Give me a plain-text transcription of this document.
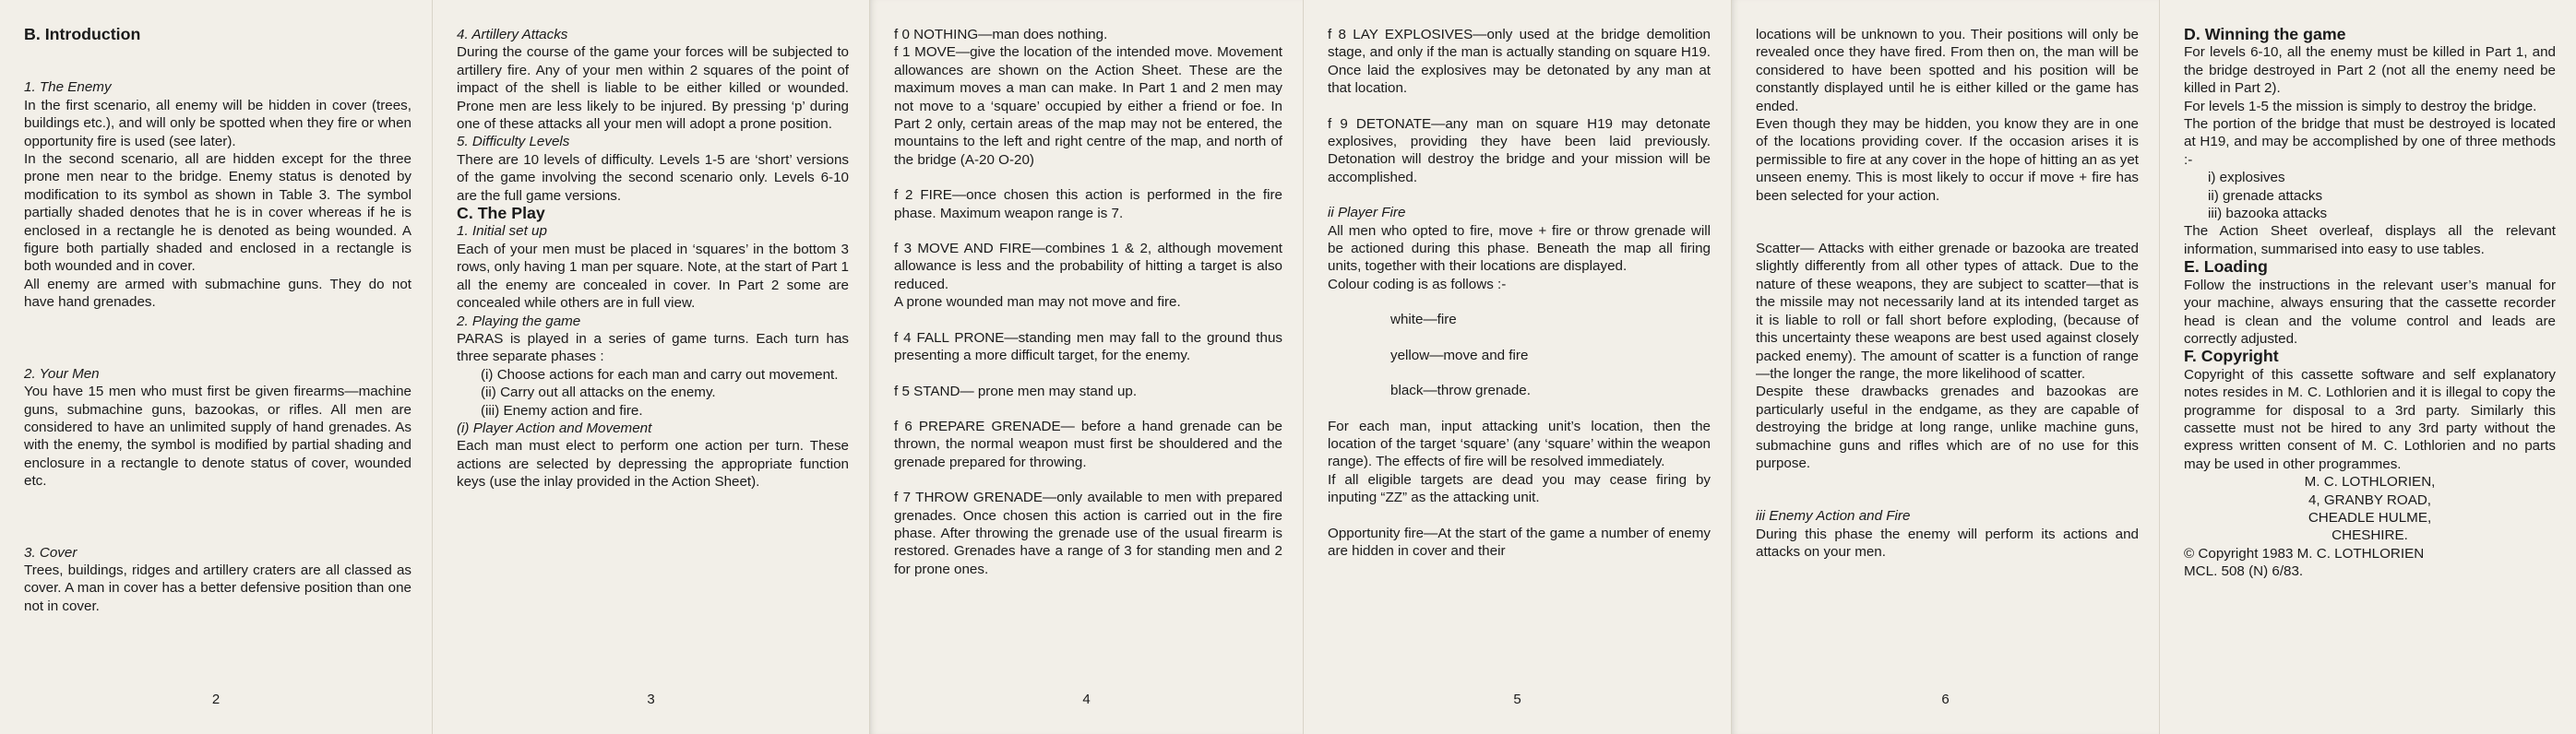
B. Introduction

1. The Enemy

In the first scenario, all enemy will be hidden in cover (trees, buildings etc.), and will only be spotted when they fire or when opportunity fire is used (see later).

In the second scenario, all are hidden except for the three prone men near to the bridge. Enemy status is denoted by modification to its symbol as shown in Table 3. The symbol partially shaded denotes that he is in cover whereas if he is enclosed in a rectangle he is denoted as being wounded. A figure both partially shaded and enclosed in a rectangle is both wounded and in cover.

All enemy are armed with submachine guns. They do not have hand grenades.

2. Your Men

You have 15 men who must first be given firearms—machine guns, submachine guns, bazookas, or rifles. All men are considered to have an unlimited supply of hand grenades. As with the enemy, the symbol is modified by partial shading and enclosure in a rectangle to denote status of cover, wounded etc.

3. Cover

Trees, buildings, ridges and artillery craters are all classed as cover. A man in cover has a better defensive position than one not in cover.

2

4. Artillery Attacks

During the course of the game your forces will be subjected to artillery fire. Any of your men within 2 squares of the point of impact of the shell is liable to be either killed or wounded. Prone men are less likely to be injured. By pressing ‘p’ during one of these attacks all your men will adopt a prone position.

5. Difficulty Levels

There are 10 levels of difficulty. Levels 1-5 are ‘short’ versions of the game involving the second scenario only. Levels 6-10 are the full game versions.

C. The Play

1. Initial set up

Each of your men must be placed in ‘squares’ in the bottom 3 rows, only having 1 man per square. Note, at the start of Part 1 all the enemy are concealed in cover. In Part 2 some are concealed while others are in full view.

2. Playing the game

PARAS is played in a series of game turns. Each turn has three separate phases :

(i) Choose actions for each man and carry out movement.

(ii) Carry out all attacks on the enemy.

(iii) Enemy action and fire.

(i) Player Action and Movement

Each man must elect to perform one action per turn. These actions are selected by depressing the appropriate function keys (use the inlay provided in the Action Sheet).

3

f 0 NOTHING—man does nothing.

f 1 MOVE—give the location of the intended move. Movement allowances are shown on the Action Sheet. These are the maximum moves a man can make. In Part 1 and 2 men may not move to a ‘square’ occupied by either a friend or foe. In Part 2 only, certain areas of the map may not be entered, the mountains to the left and right centre of the map, and north of the bridge (A-20 O-20)

f 2 FIRE—once chosen this action is performed in the fire phase. Maximum weapon range is 7.

f 3 MOVE AND FIRE—combines 1 & 2, although movement allowance is less and the probability of hitting a target is also reduced.

A prone wounded man may not move and fire.

f 4 FALL PRONE—standing men may fall to the ground thus presenting a more difficult target, for the enemy.

f 5 STAND— prone men may stand up.

f 6 PREPARE GRENADE— before a hand grenade can be thrown, the normal weapon must first be shouldered and the grenade prepared for throwing.

f 7 THROW GRENADE—only available to men with prepared grenades. Once chosen this action is carried out in the fire phase. After throwing the grenade use of the usual firearm is restored. Grenades have a range of 3 for standing men and 2 for prone ones.

4

f 8 LAY EXPLOSIVES—only used at the bridge demolition stage, and only if the man is actually standing on square H19. Once laid the explosives may be detonated by any man at that location.

f 9 DETONATE—any man on square H19 may detonate explosives, providing they have been laid previously. Detonation will destroy the bridge and your mission will be accomplished.

ii Player Fire

All men who opted to fire, move + fire or throw grenade will be actioned during this phase. Beneath the map all firing units, together with their locations are displayed.

Colour coding is as follows :-

white—fire

yellow—move and fire

black—throw grenade.

For each man, input attacking unit’s location, then the location of the target ‘square’ (any ‘square’ within the weapon range). The effects of fire will be resolved immediately.

If all eligible targets are dead you may cease firing by inputing “ZZ” as the attacking unit.

Opportunity fire—At the start of the game a number of enemy are hidden in cover and their

5

locations will be unknown to you. Their positions will only be revealed once they have fired. From then on, the man will be considered to have been spotted and his position will be constantly displayed until he is either killed or the game has ended.

Even though they may be hidden, you know they are in one of the locations providing cover. If the occasion arises it is permissible to fire at any cover in the hope of hitting an as yet unseen enemy. This is most likely to occur if move + fire has been selected for your action.

Scatter— Attacks with either grenade or bazooka are treated slightly differently from all other types of attack. Due to the nature of these weapons, they are subject to scatter—that is the missile may not necessarily land at its intended target as it is liable to roll or fall short before exploding, (because of this uncertainty these weapons are best used against closely packed enemy). The amount of scatter is a function of range—the longer the range, the more likelihood of scatter.

Despite these drawbacks grenades and bazookas are particularly useful in the endgame, as they are capable of destroying the bridge at long range, unlike machine guns, submachine guns and rifles which are of no use for this purpose.

iii Enemy Action and Fire

During this phase the enemy will perform its actions and attacks on your men.

6
D. Winning the game

For levels 6-10, all the enemy must be killed in Part 1, and the bridge destroyed in Part 2 (not all the enemy need be killed in Part 2).

For levels 1-5 the mission is simply to destroy the bridge.

The portion of the bridge that must be destroyed is located at H19, and may be accomplished by one of three methods :-

i) explosives

ii) grenade attacks

iii) bazooka attacks

The Action Sheet overleaf, displays all the relevant information, summarised into easy to use tables.

E. Loading

Follow the instructions in the relevant user’s manual for your machine, always ensuring that the cassette recorder head is clean and the volume control and leads are correctly adjusted.

F. Copyright

Copyright of this cassette software and self explanatory notes resides in M. C. Lothlorien and it is illegal to copy the programme for disposal to a 3rd party. Similarly this cassette must not be hired to any 3rd party without the express written consent of M. C. Lothlorien and no parts may be used in other programmes.

M. C. LOTHLORIEN,

4, GRANBY ROAD,

CHEADLE HULME,

CHESHIRE.

© Copyright 1983 M. C. LOTHLORIEN

MCL. 508 (N) 6/83.
